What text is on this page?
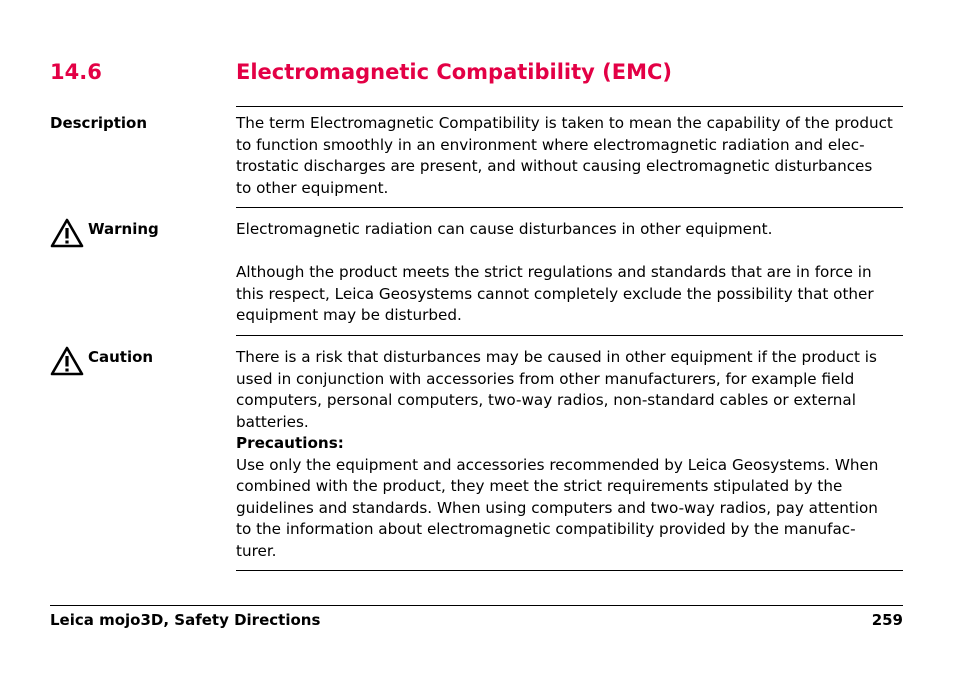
14.6	Electromagnetic Compatibility (EMC)
Description	The term Electromagnetic Compatibility is taken to mean the capability of the product

to function smoothly in an environment where electromagnetic radiation and elec-

trostatic discharges are present, and without causing electromagnetic disturbances

to other equipment.

Warning	Electromagnetic radiation can cause disturbances in other equipment.

Although the product meets the strict regulations and standards that are in force in

this respect, Leica Geosystems cannot completely exclude the possibility that other

equipment may be disturbed.

Caution	There is a risk that disturbances may be caused in other equipment if the product is

used in conjunction with accessories from other manufacturers, for example field

computers, personal computers, two-way radios, non-standard cables or external

batteries.

Precautions:

Use only the equipment and accessories recommended by Leica Geosystems. When

combined with the product, they meet the strict requirements stipulated by the

guidelines and standards. When using computers and two-way radios, pay attention

to the information about electromagnetic compatibility provided by the manufac-

turer.

Leica mojo3D, Safety Directions	259
